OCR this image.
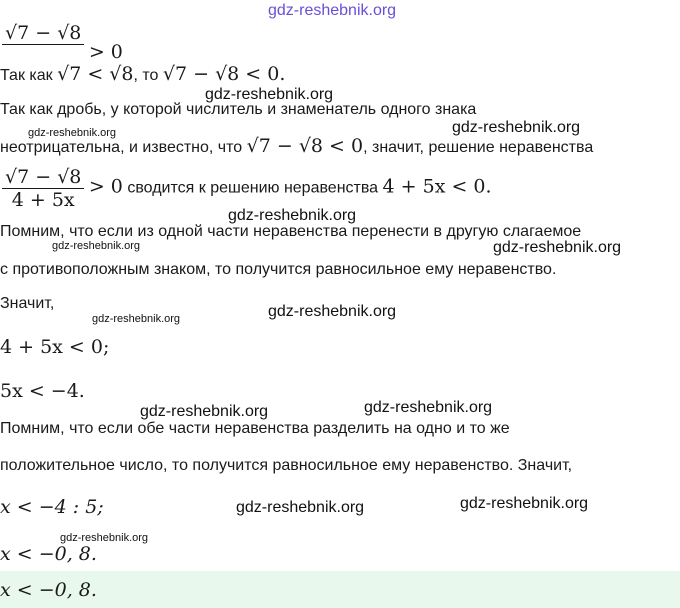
gdz-reshebnik.org
√7 − √8
> 0
Так как √7 < √8, то √7 − √8 < 0.
gdz-reshebnik.org
Так как дробь, у которой числитель и знаменатель одного знака
gdz-reshebnik.org	gdz-reshebnik.org
неотрицательна, и известно, что √7 − √8 < 0, значит, решение неравенства
$\frac{√7 - √8}{4 + 5x} > 0$ сводится к решению неравенства 4 + 5x < 0.
gdz-reshebnik.org
Помним, что если из одной части неравенства перенести в другую слагаемое
gdz-reshebnik.org	gdz-reshebnik.org
с противоположным знаком, то получится равносильное ему неравенство.
Значит,
gdz-reshebnik.org	gdz-reshebnik.org
4 + 5x < 0;
5x < −4.
gdz-reshebnik.org	gdz-reshebnik.org
Помним, что если обе части неравенства разделить на одно и то же
положительное число, то получится равносильное ему неравенство. Значит,
gdz-reshebnik.org	gdz-reshebnik.org
x < −4 : 5;
gdz-reshebnik.org
x < −0, 8.
x < −0, 8.
